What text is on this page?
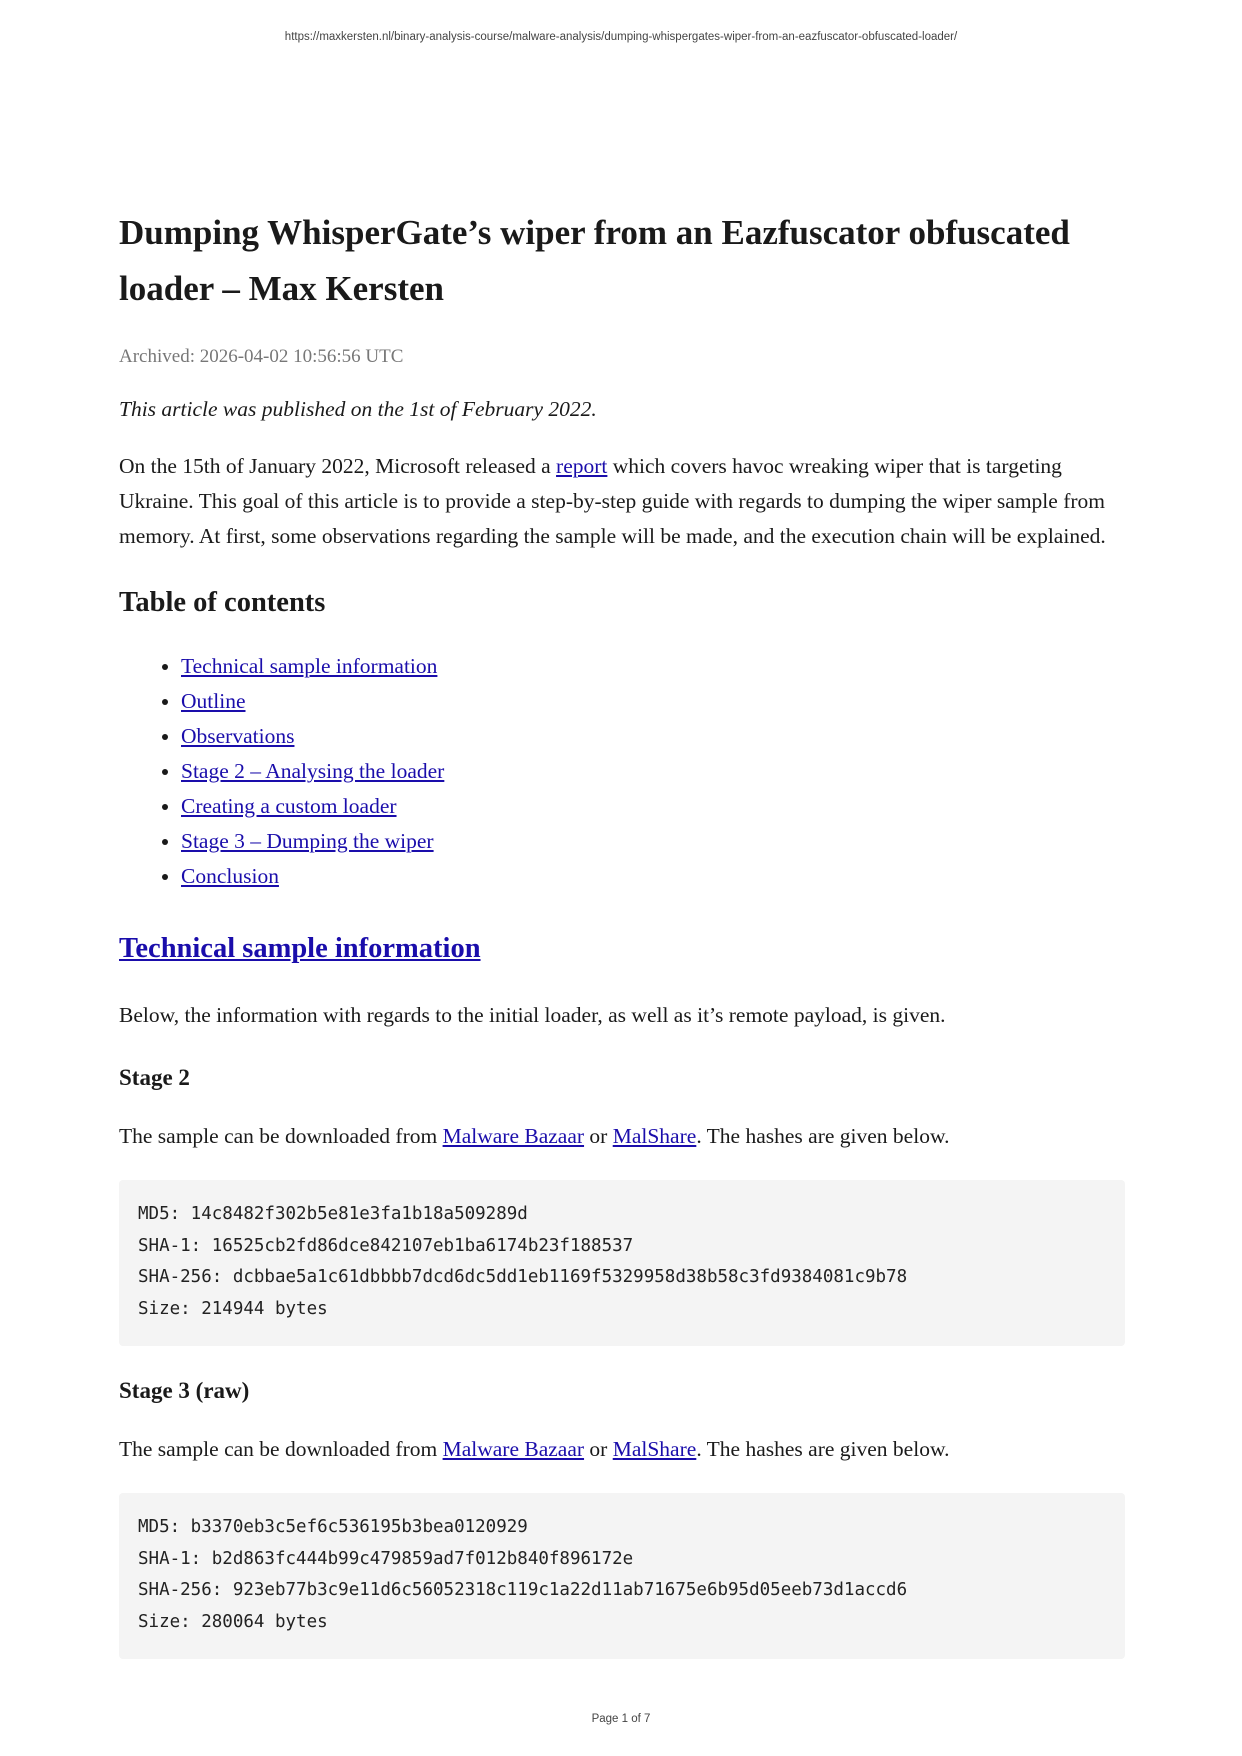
https://maxkersten.nl/binary-analysis-course/malware-analysis/dumping-whispergates-wiper-from-an-eazfuscator-obfuscated-loader/
Dumping WhisperGate’s wiper from an Eazfuscator obfuscated loader – Max Kersten
Archived: 2026-04-02 10:56:56 UTC
This article was published on the 1st of February 2022.

On the 15th of January 2022, Microsoft released a report which covers havoc wreaking wiper that is targeting Ukraine. This goal of this article is to provide a step-by-step guide with regards to dumping the wiper sample from memory. At first, some observations regarding the sample will be made, and the execution chain will be explained.

Table of contents
• Technical sample information
• Outline
• Observations
• Stage 2 – Analysing the loader
• Creating a custom loader
• Stage 3 – Dumping the wiper
• Conclusion
Technical sample information

Below, the information with regards to the initial loader, as well as it’s remote payload, is given.

Stage 2

The sample can be downloaded from Malware Bazaar or MalShare. The hashes are given below.

MD5: 14c8482f302b5e81e3fa1b18a509289d
SHA-1: 16525cb2fd86dce842107eb1ba6174b23f188537
SHA-256: dcbbae5a1c61dbbbb7dcd6dc5dd1eb1169f5329958d38b58c3fd9384081c9b78
Size: 214944 bytes
Stage 3 (raw)

The sample can be downloaded from Malware Bazaar or MalShare. The hashes are given below.

MD5: b3370eb3c5ef6c536195b3bea0120929
SHA-1: b2d863fc444b99c479859ad7f012b840f896172e
SHA-256: 923eb77b3c9e11d6c56052318c119c1a22d11ab71675e6b95d05eeb73d1accd6
Size: 280064 bytes
Page 1 of 7
